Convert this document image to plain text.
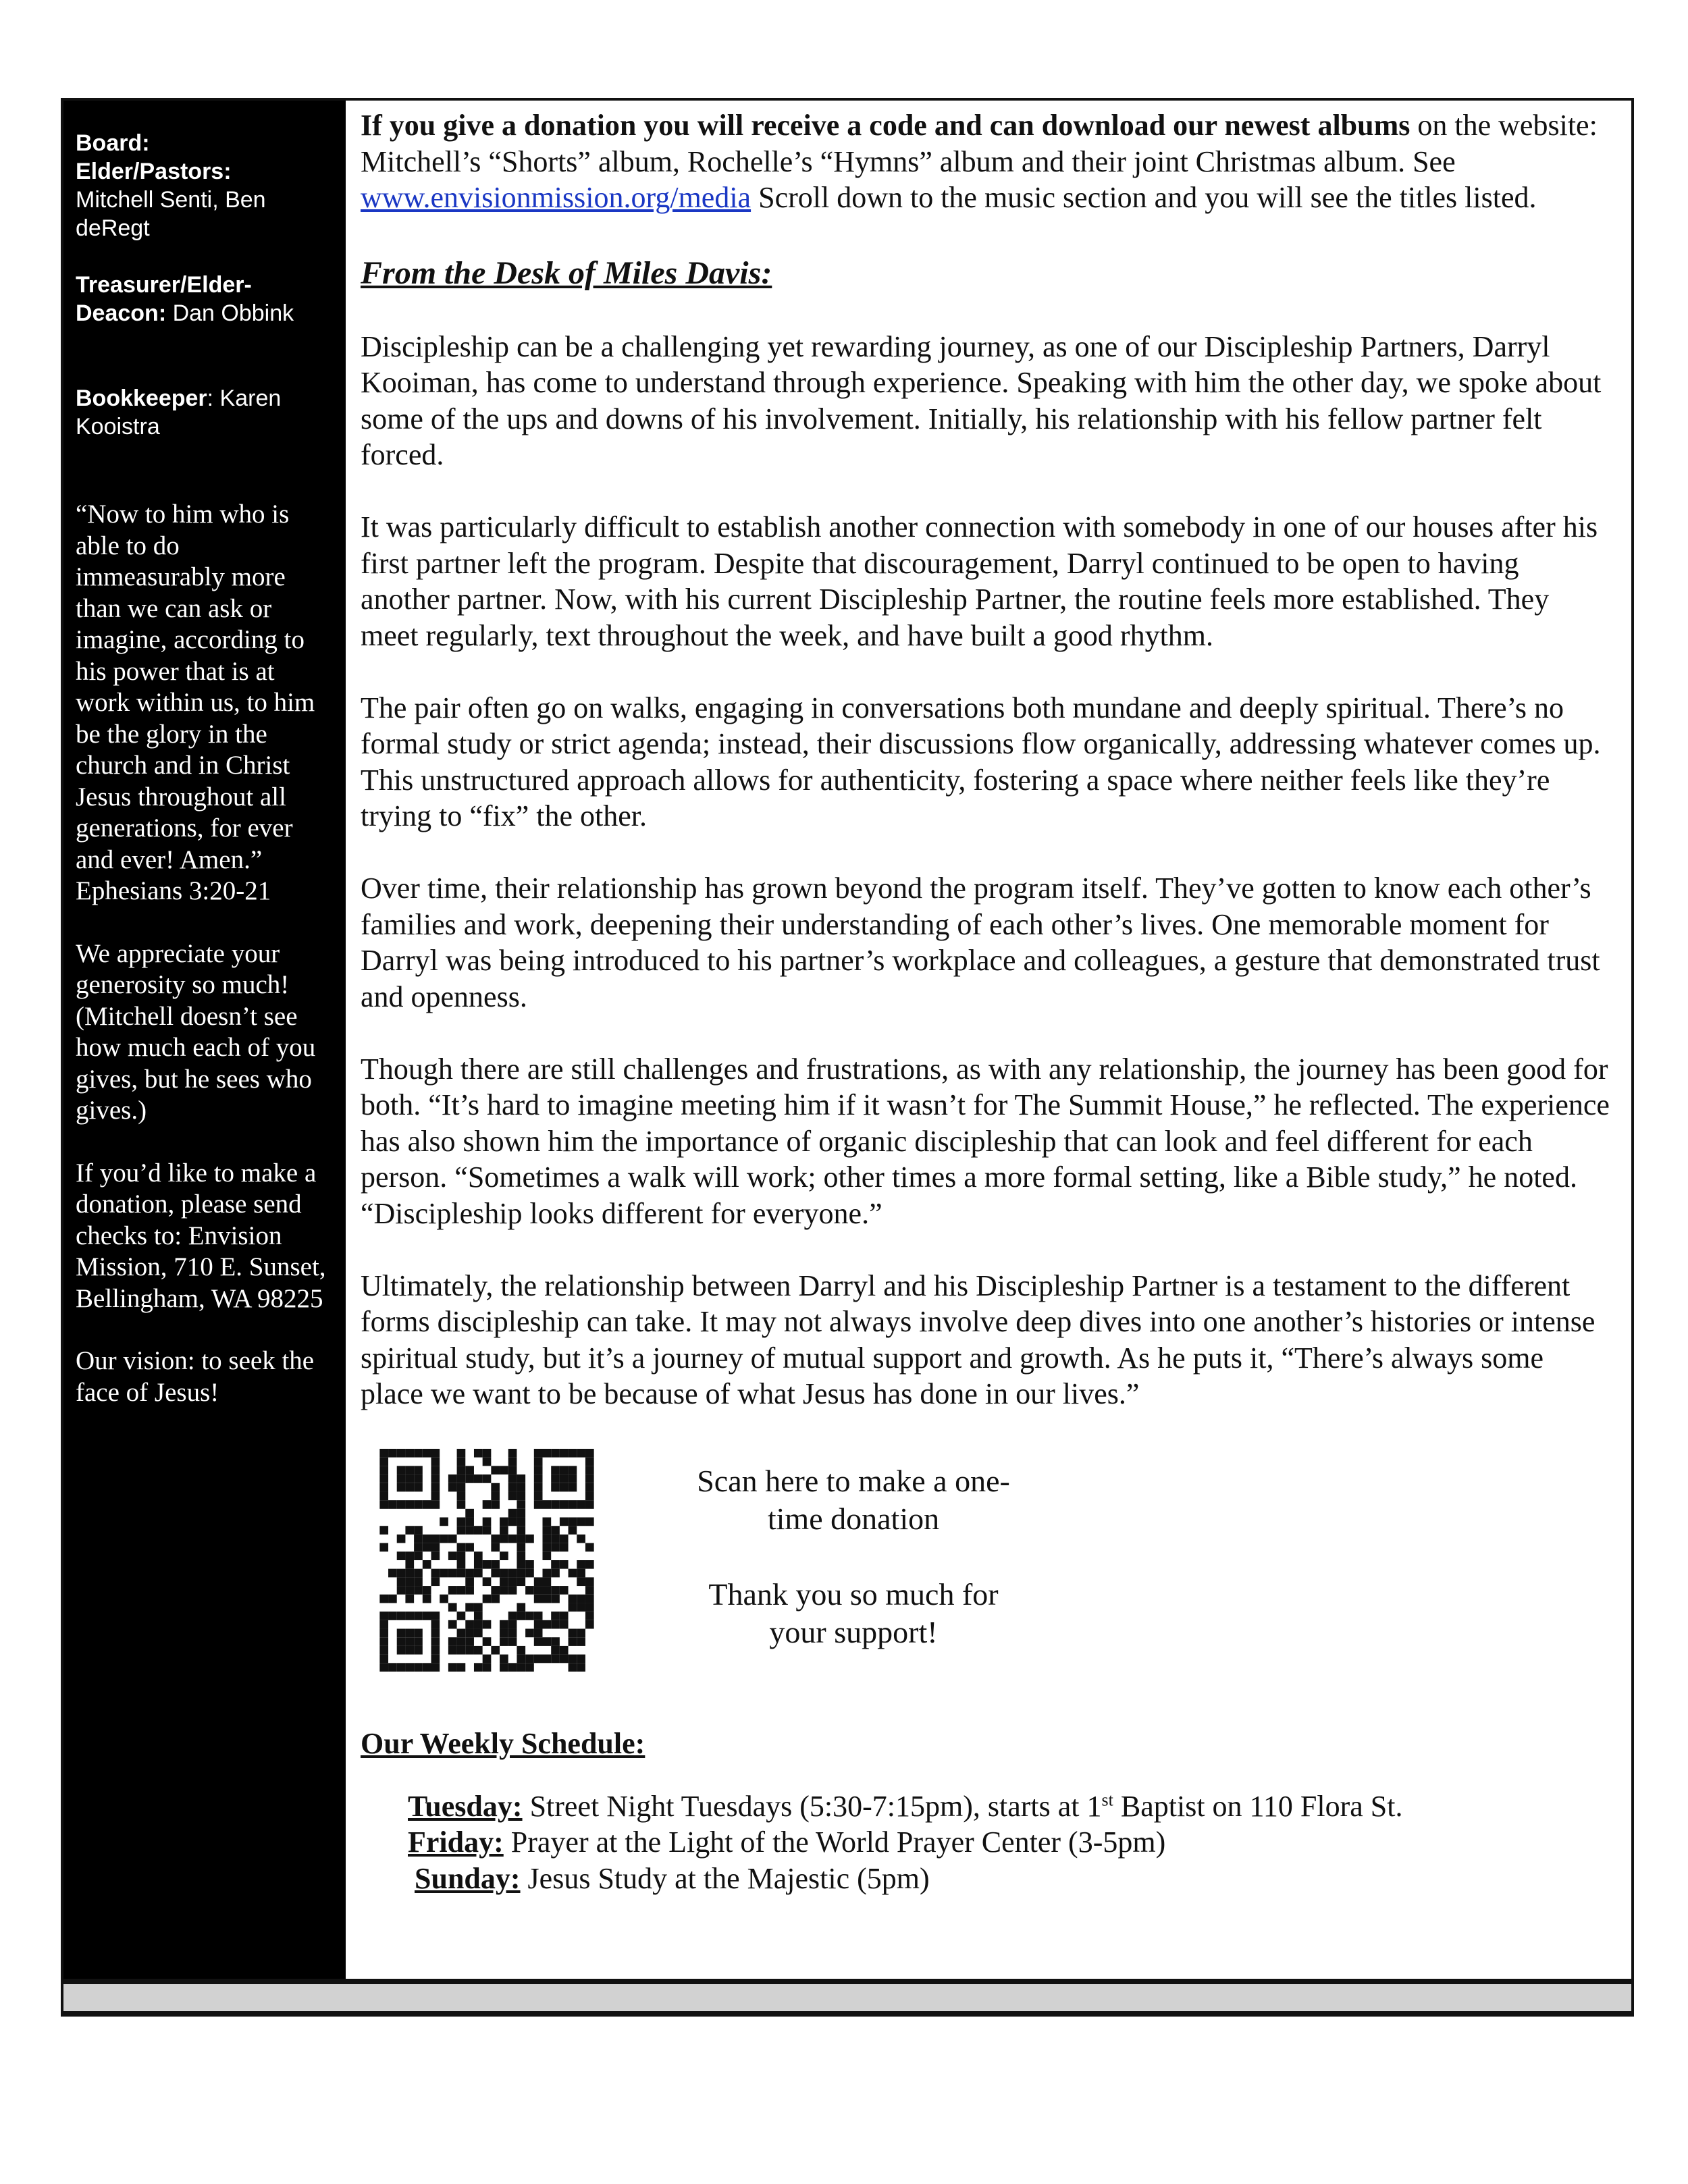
Board:
Elder/Pastors:
Mitchell Senti, Ben deRegt
Treasurer/Elder-Deacon: Dan Obbink
Bookkeeper: Karen Kooistra
“Now to him who is able to do immeasurably more than we can ask or imagine, according to his power that is at work within us, to him be the glory in the church and in Christ Jesus throughout all generations, for ever and ever! Amen.” Ephesians 3:20-21
We appreciate your generosity so much! (Mitchell doesn’t see how much each of you gives, but he sees who gives.)
If you’d like to make a donation, please send checks to: Envision Mission, 710 E. Sunset, Bellingham, WA 98225
Our vision: to seek the face of Jesus!

If you give a donation you will receive a code and can download our newest albums on the website: Mitchell’s “Shorts” album, Rochelle’s “Hymns” album and their joint Christmas album. See www.envisionmission.org/media Scroll down to the music section and you will see the titles listed.

From the Desk of Miles Davis:

Discipleship can be a challenging yet rewarding journey, as one of our Discipleship Partners, Darryl Kooiman, has come to understand through experience. Speaking with him the other day, we spoke about some of the ups and downs of his involvement. Initially, his relationship with his fellow partner felt forced.

It was particularly difficult to establish another connection with somebody in one of our houses after his first partner left the program. Despite that discouragement, Darryl continued to be open to having another partner. Now, with his current Discipleship Partner, the routine feels more established. They meet regularly, text throughout the week, and have built a good rhythm.

The pair often go on walks, engaging in conversations both mundane and deeply spiritual. There’s no formal study or strict agenda; instead, their discussions flow organically, addressing whatever comes up. This unstructured approach allows for authenticity, fostering a space where neither feels like they’re trying to “fix” the other.

Over time, their relationship has grown beyond the program itself. They’ve gotten to know each other’s families and work, deepening their understanding of each other’s lives. One memorable moment for Darryl was being introduced to his partner’s workplace and colleagues, a gesture that demonstrated trust and openness.

Though there are still challenges and frustrations, as with any relationship, the journey has been good for both. “It’s hard to imagine meeting him if it wasn’t for The Summit House,” he reflected. The experience has also shown him the importance of organic discipleship that can look and feel different for each person. “Sometimes a walk will work; other times a more formal setting, like a Bible study,” he noted. “Discipleship looks different for everyone.”

Ultimately, the relationship between Darryl and his Discipleship Partner is a testament to the different forms discipleship can take. It may not always involve deep dives into one another’s histories or intense spiritual study, but it’s a journey of mutual support and growth. As he puts it, “There’s always some place we want to be because of what Jesus has done in our lives.”

Scan here to make a one-time donation

Thank you so much for your support!

Our Weekly Schedule:

Tuesday: Street Night Tuesdays (5:30-7:15pm), starts at 1st Baptist on 110 Flora St.

Friday: Prayer at the Light of the World Prayer Center (3-5pm)

Sunday: Jesus Study at the Majestic (5pm)
